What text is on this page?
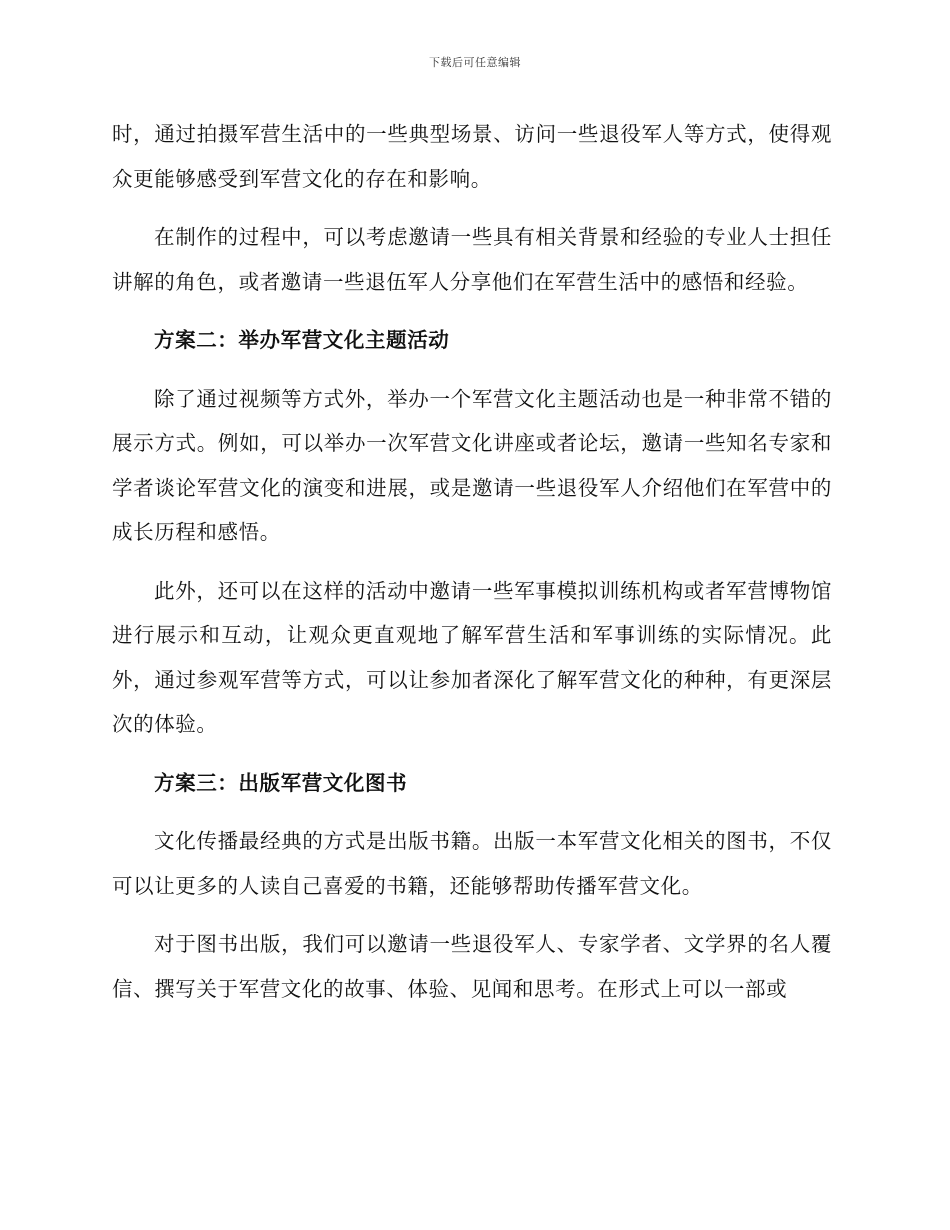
下载后可任意编辑

时，通过拍摄军营生活中的一些典型场景、访问一些退役军人等方式，使得观众更能够感受到军营文化的存在和影响。

在制作的过程中，可以考虑邀请一些具有相关背景和经验的专业人士担任讲解的角色，或者邀请一些退伍军人分享他们在军营生活中的感悟和经验。

方案二：举办军营文化主题活动

除了通过视频等方式外，举办一个军营文化主题活动也是一种非常不错的展示方式。例如，可以举办一次军营文化讲座或者论坛，邀请一些知名专家和学者谈论军营文化的演变和进展，或是邀请一些退役军人介绍他们在军营中的成长历程和感悟。

此外，还可以在这样的活动中邀请一些军事模拟训练机构或者军营博物馆进行展示和互动，让观众更直观地了解军营生活和军事训练的实际情况。此外，通过参观军营等方式，可以让参加者深化了解军营文化的种种，有更深层次的体验。

方案三：出版军营文化图书

文化传播最经典的方式是出版书籍。出版一本军营文化相关的图书，不仅可以让更多的人读自己喜爱的书籍，还能够帮助传播军营文化。

对于图书出版，我们可以邀请一些退役军人、专家学者、文学界的名人覆信、撰写关于军营文化的故事、体验、见闻和思考。在形式上可以一部或
